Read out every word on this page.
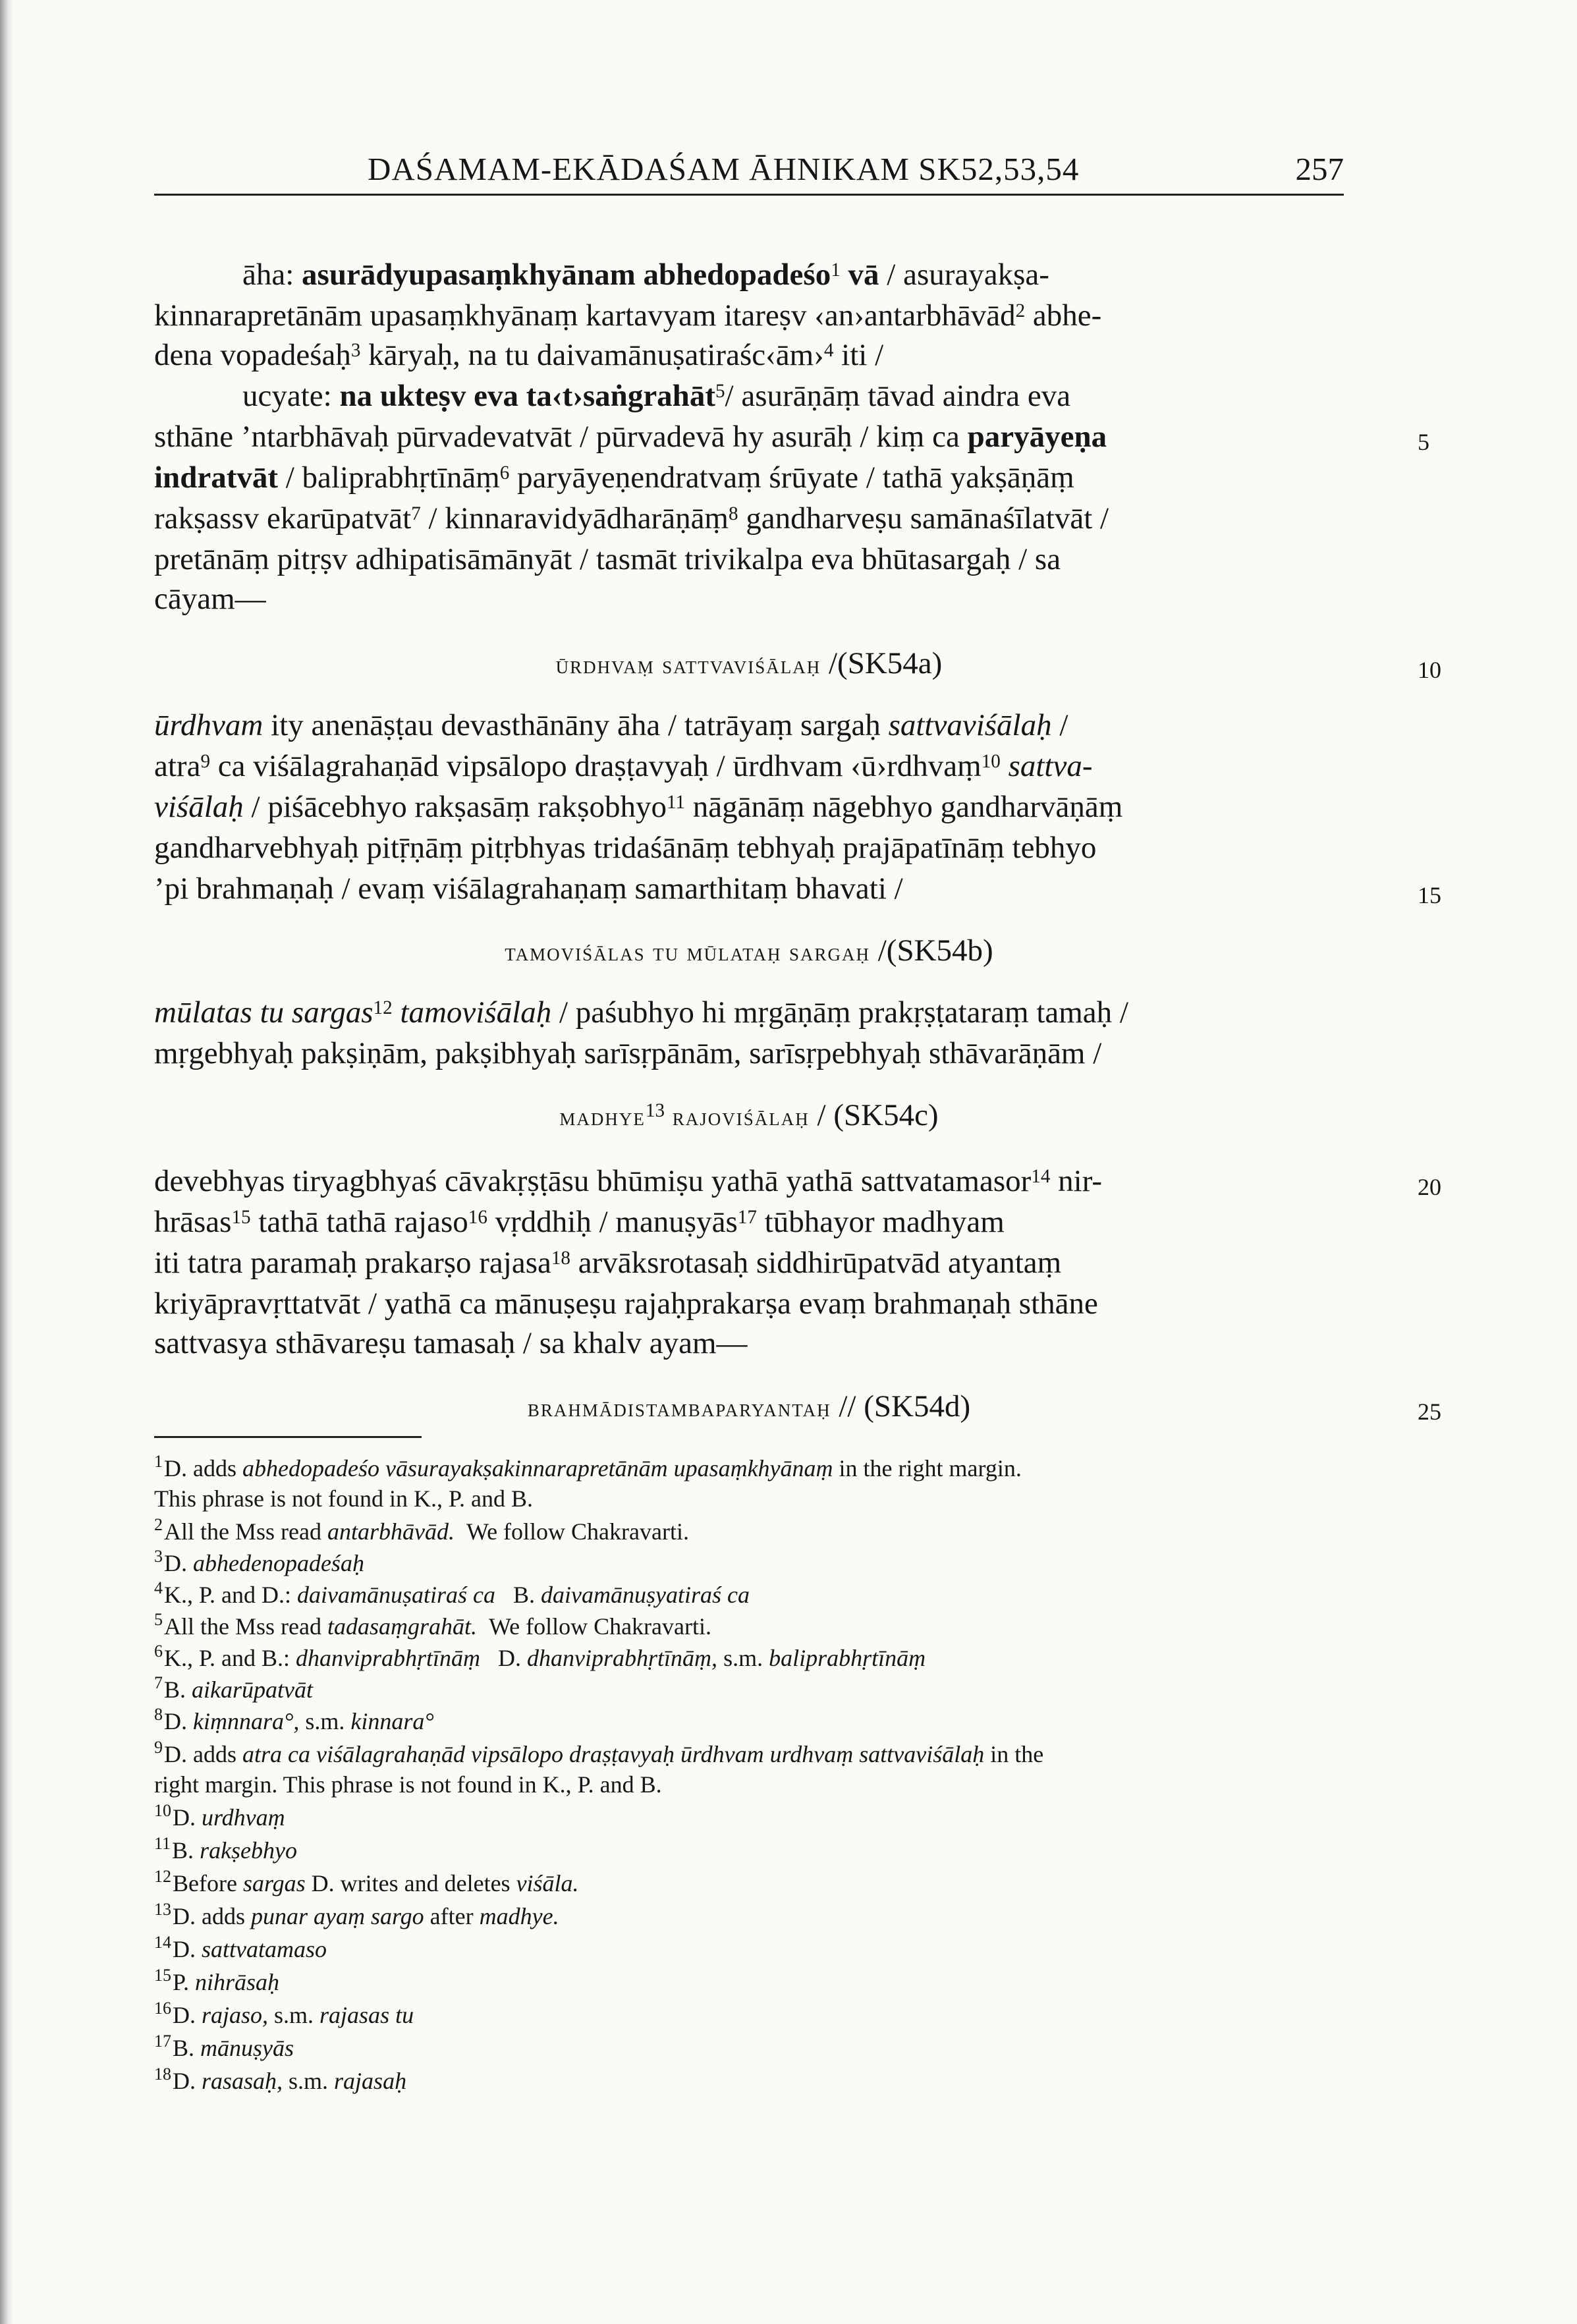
DAŚAMAM-EKĀDAŚAM ĀHNIKAM SK52,53,54	257
5
10
15
20
25
āha: asurādyupasaṃkhyānam abhedopadeśo$^1$ vā / asurayakṣa-
kinnarapretānām upasaṃkhyānaṃ kartavyam itareṣv ‹an›antarbhāvād$^2$ abhe-
dena vopadeśaḥ$^3$ kāryaḥ, na tu daivamānuṣatiraśc‹ām›$^4$ iti /
ucyate: na ukteṣv eva ta‹t›saṅgrahāt$^5$/ asurāṇāṃ tāvad aindra eva
sthāne ’ntarbhāvaḥ pūrvadevatvāt / pūrvadevā hy asurāḥ / kiṃ ca paryāyeṇa
indratvāt / baliprabhṛtīnāṃ$^6$ paryāyeṇendratvaṃ śrūyate / tathā yakṣāṇāṃ
rakṣassv ekarūpatvāt$^7$ / kinnaravidyādharāṇāṃ$^8$ gandharveṣu samānaśīlatvāt /
pretānāṃ pitṛṣv adhipatisāmānyāt / tasmāt trivikalpa eva bhūtasargaḥ / sa
cāyam—
ūrdhvaṃ sattvaviśālaḥ /(SK54a)
ūrdhvam ity anenāṣṭau devasthānāny āha / tatrāyaṃ sargaḥ sattvaviśālaḥ /
atra$^9$ ca viśālagrahaṇād vipsālopo draṣṭavyaḥ / ūrdhvam ‹ū›rdhvaṃ$^{10}$ sattva-
viśālaḥ / piśācebhyo rakṣasāṃ rakṣobhyo$^{11}$ nāgānāṃ nāgebhyo gandharvāṇāṃ
gandharvebhyaḥ pitṝṇāṃ pitṛbhyas tridaśānāṃ tebhyaḥ prajāpatīnāṃ tebhyo
’pi brahmaṇaḥ / evaṃ viśālagrahaṇaṃ samarthitaṃ bhavati /
tamoviśālas tu mūlataḥ sargaḥ /(SK54b)
mūlatas tu sargas$^{12}$ tamoviśālaḥ / paśubhyo hi mṛgāṇāṃ prakṛṣṭataraṃ tamaḥ /
mṛgebhyaḥ pakṣiṇām, pakṣibhyaḥ sarīsṛpānām, sarīsṛpebhyaḥ sthāvarāṇām /
madhye$^{13}$ rajoviśālaḥ / (SK54c)
devebhyas tiryagbhyaś cāvakṛṣṭāsu bhūmiṣu yathā yathā sattvatamasor$^{14}$ nir-
hrāsas$^{15}$ tathā tathā rajaso$^{16}$ vṛddhiḥ / manuṣyās$^{17}$ tūbhayor madhyam
iti tatra paramaḥ prakarṣo rajasa$^{18}$ arvāksrotasaḥ siddhirūpatvād atyantaṃ
kriyāpravṛttatvāt / yathā ca mānuṣeṣu rajaḥprakarṣa evaṃ brahmaṇaḥ sthāne
sattvasya sthāvareṣu tamasaḥ / sa khalv ayam—
brahmādistambaparyantaḥ // (SK54d)
$^1$D. adds abhedopadeśo vāsurayakṣakinnarapretānām upasaṃkhyānaṃ in the right margin.
This phrase is not found in K., P. and B.
$^2$All the Mss read antarbhāvād. We follow Chakravarti.
$^3$D. abhedenopadeśaḥ
$^4$K., P. and D.: daivamānuṣatiraś ca B. daivamānuṣyatiraś ca
$^5$All the Mss read tadasaṃgrahāt. We follow Chakravarti.
$^6$K., P. and B.: dhanviprabhṛtīnāṃ D. dhanviprabhṛtīnāṃ, s.m. baliprabhṛtīnāṃ
$^7$B. aikarūpatvāt
$^8$D. kiṃnnara°, s.m. kinnara°
$^9$D. adds atra ca viśālagrahaṇād vipsālopo draṣṭavyaḥ ūrdhvam urdhvaṃ sattvaviśālaḥ in the
right margin. This phrase is not found in K., P. and B.
$^{10}$D. urdhvaṃ
$^{11}$B. rakṣebhyo
$^{12}$Before sargas D. writes and deletes viśāla.
$^{13}$D. adds punar ayaṃ sargo after madhye.
$^{14}$D. sattvatamaso
$^{15}$P. nihrāsaḥ
$^{16}$D. rajaso, s.m. rajasas tu
$^{17}$B. mānuṣyās
$^{18}$D. rasasaḥ, s.m. rajasaḥ
